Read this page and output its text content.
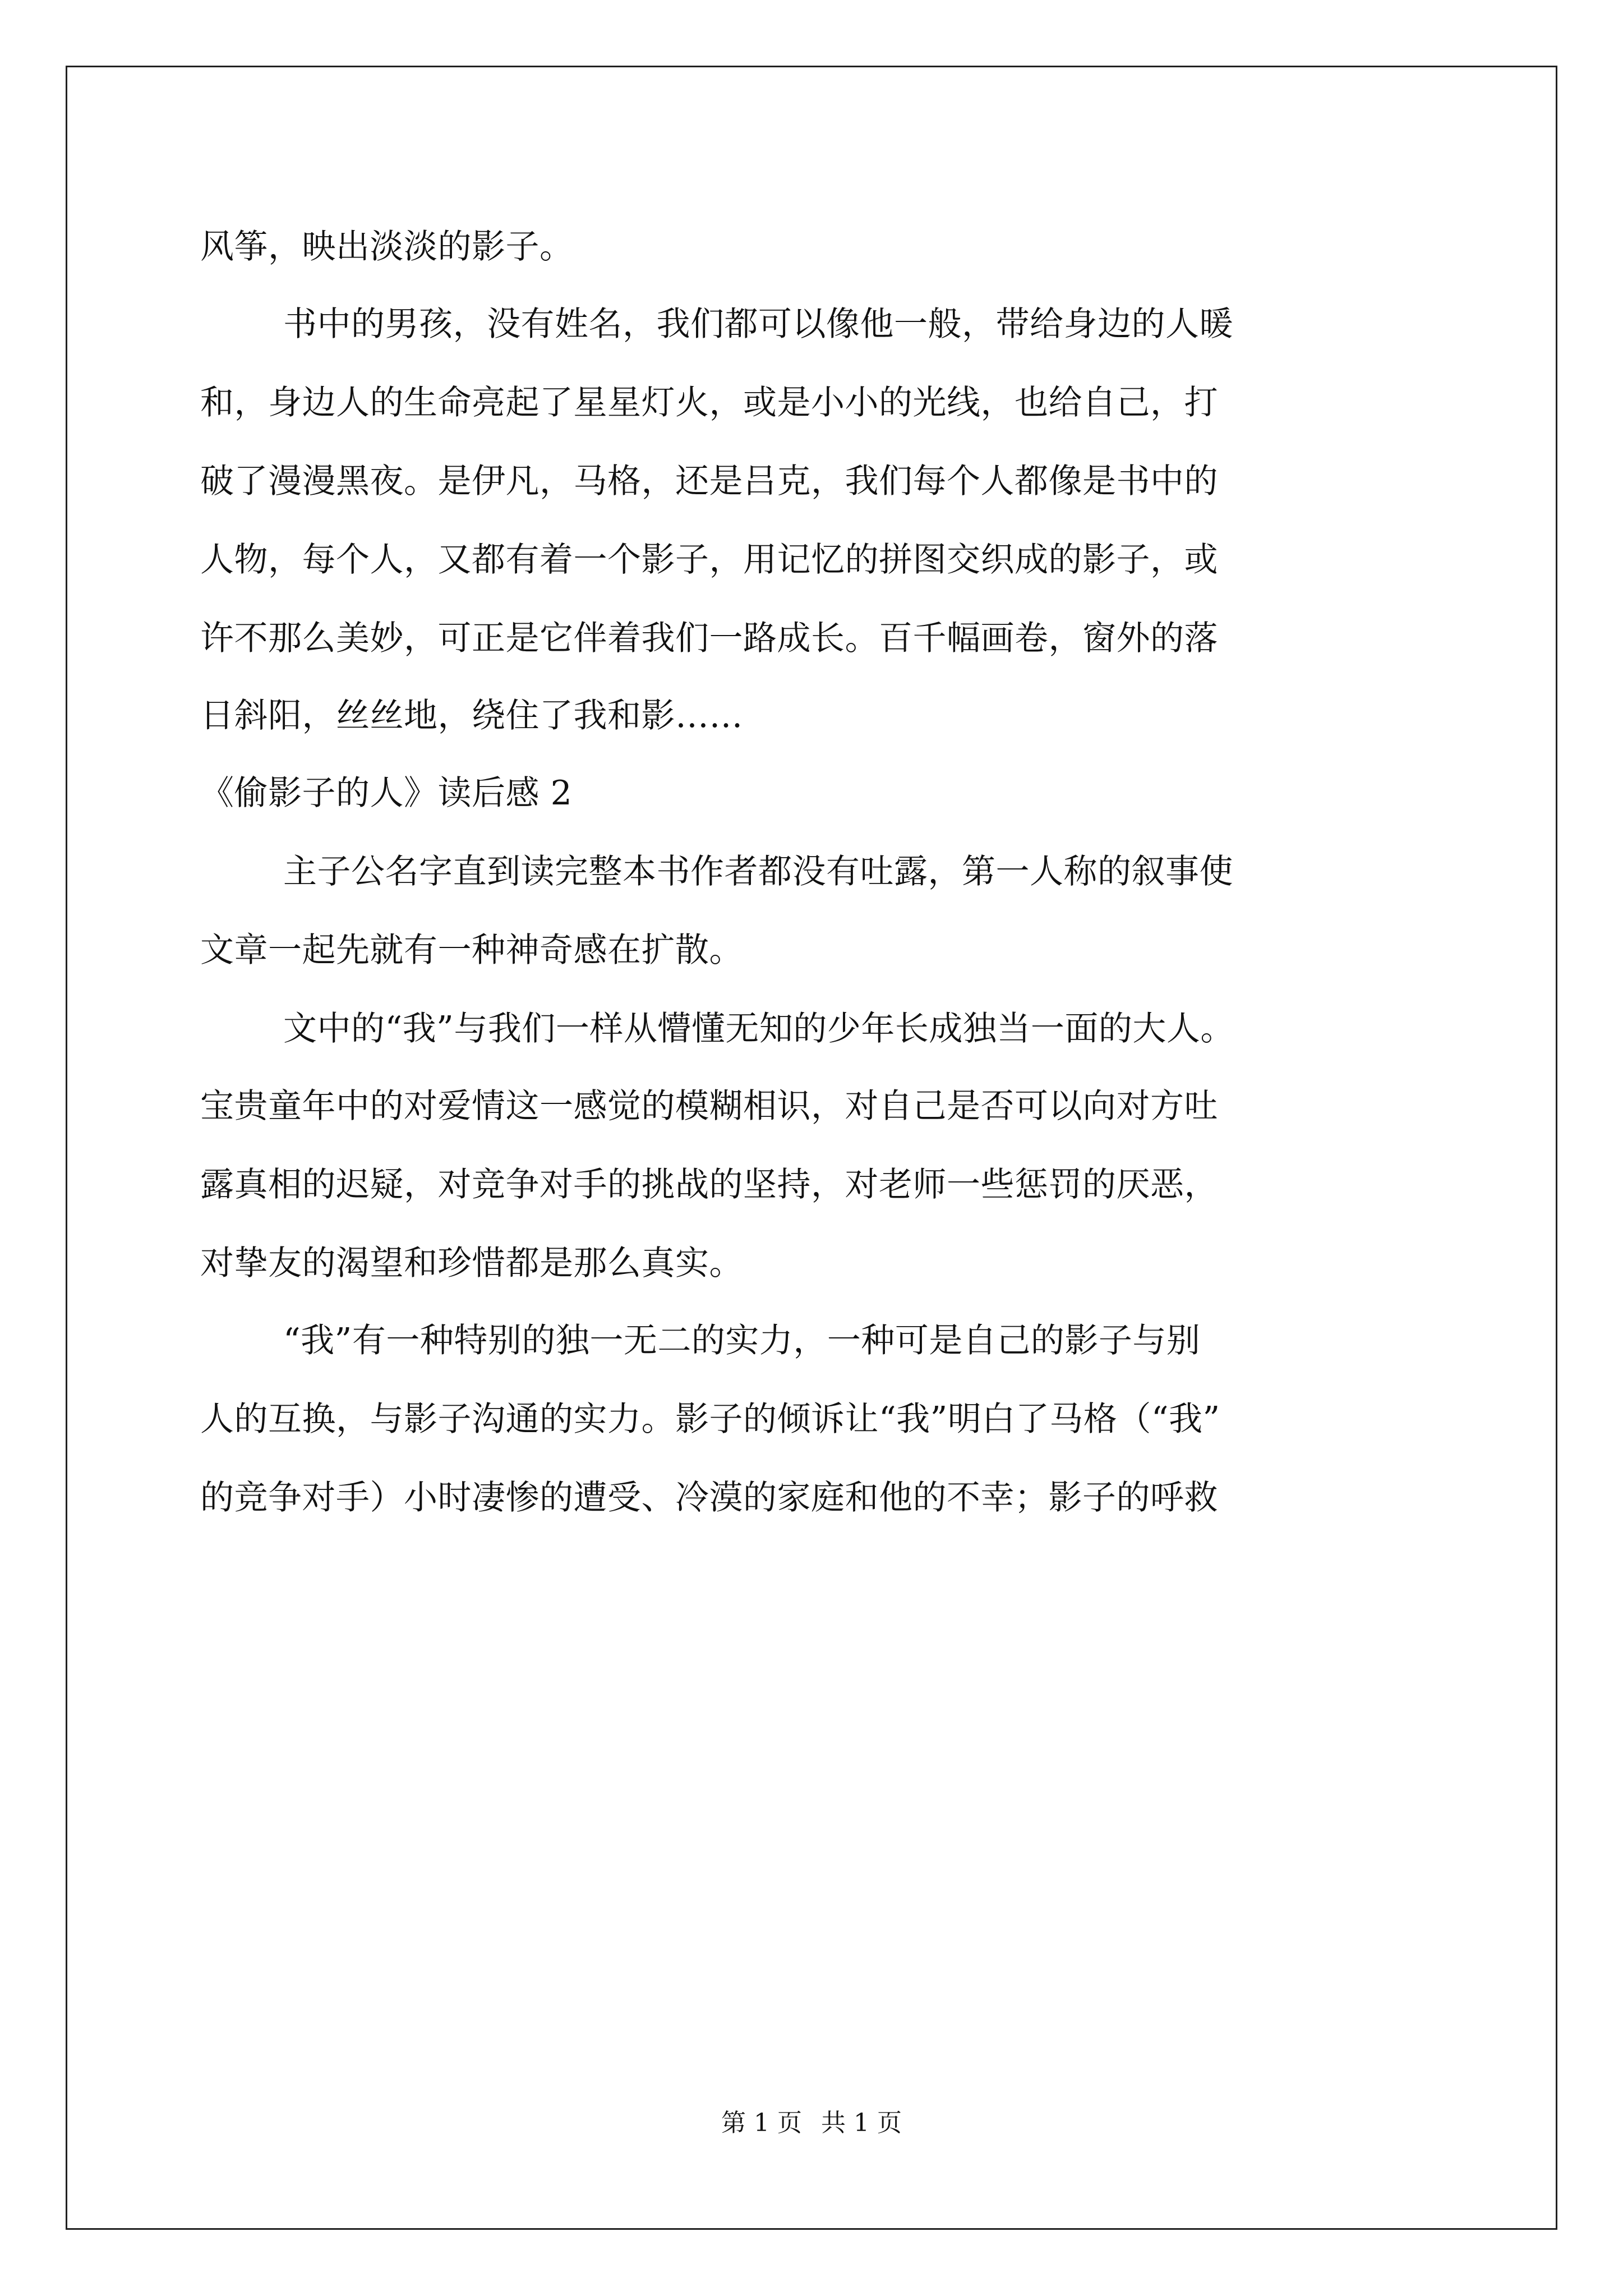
风筝，映出淡淡的影子。
书中的男孩，没有姓名，我们都可以像他一般，带给身边的人暖
和，身边人的生命亮起了星星灯火，或是小小的光线，也给自己，打
破了漫漫黑夜。是伊凡，马格，还是吕克，我们每个人都像是书中的
人物，每个人，又都有着一个影子，用记忆的拼图交织成的影子，或
许不那么美妙，可正是它伴着我们一路成长。百千幅画卷，窗外的落
日斜阳，丝丝地，绕住了我和影……
《偷影子的人》读后感 2
主子公名字直到读完整本书作者都没有吐露，第一人称的叙事使
文章一起先就有一种神奇感在扩散。
文中的“我”与我们一样从懵懂无知的少年长成独当一面的大人。
宝贵童年中的对爱情这一感觉的模糊相识，对自己是否可以向对方吐
露真相的迟疑，对竞争对手的挑战的坚持，对老师一些惩罚的厌恶，
对挚友的渴望和珍惜都是那么真实。
“我”有一种特别的独一无二的实力，一种可是自己的影子与别
人的互换，与影子沟通的实力。影子的倾诉让“我”明白了马格（“我”
的竞争对手）小时凄惨的遭受、冷漠的家庭和他的不幸；影子的呼救
第 1 页 共 1 页
